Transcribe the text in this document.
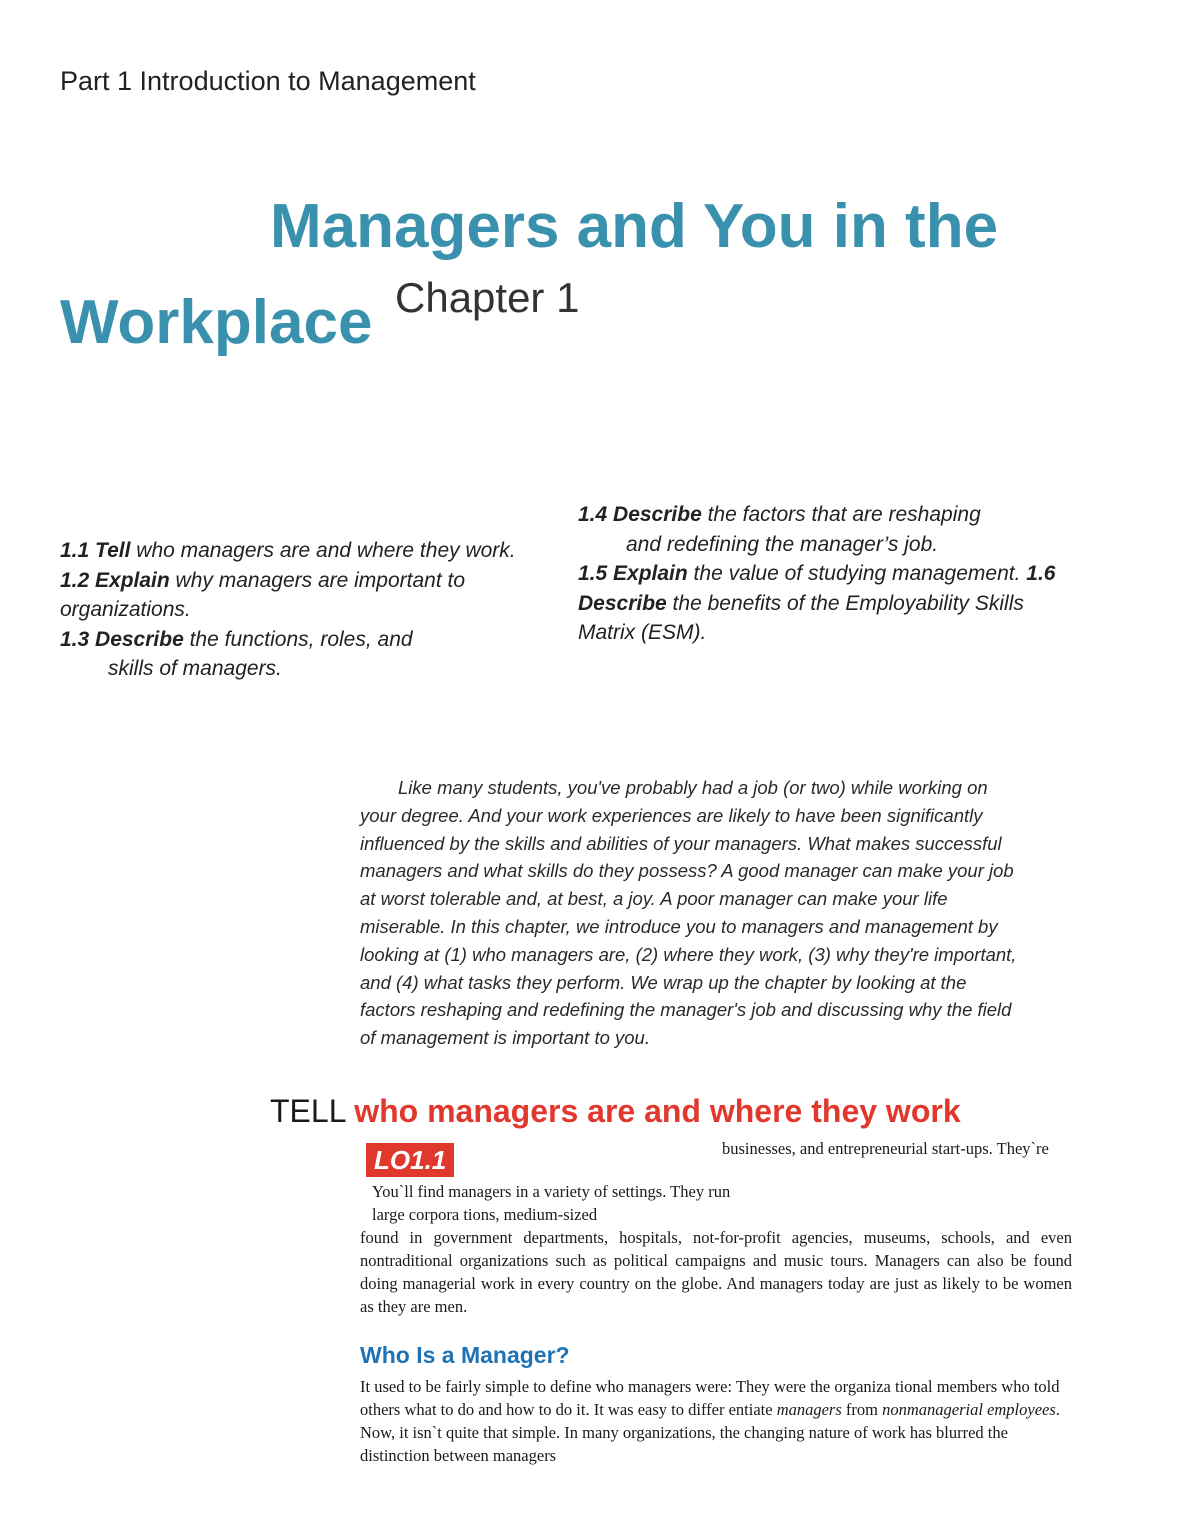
Part 1 Introduction to Management
Managers and You in the
Workplace Chapter 1
1.1 Tell who managers are and where they work. 1.2 Explain why managers are important to organizations.
1.3 Describe the functions, roles, and
skills of managers.
1.4 Describe the factors that are reshaping
and redefining the manager’s job.
1.5 Explain the value of studying management. 1.6 Describe the benefits of the Employability Skills Matrix (ESM).
Like many students, you've probably had a job (or two) while working on
your degree. And your work experiences are likely to have been significantly
influenced by the skills and abilities of your managers. What makes successful
managers and what skills do they possess? A good manager can make your job
at worst tolerable and, at best, a joy. A poor manager can make your life
miserable. In this chapter, we introduce you to managers and management by
looking at (1) who managers are, (2) where they work, (3) why they're important,
and (4) what tasks they perform. We wrap up the chapter by looking at the
factors reshaping and redefining the manager's job and discussing why the field
of management is important to you.
TELL who managers are and where they work
LO1.1	businesses, and entrepreneurial start-ups. They`re
You`ll find managers in a variety of settings. They run large corpora tions, medium-sized
found in government departments, hospitals, not-for-profit agencies, museums, schools, and even nontraditional organizations such as political campaigns and music tours. Managers can also be found doing managerial work in every country on the globe. And managers today are just as likely to be women as they are men.
Who Is a Manager?
It used to be fairly simple to define who managers were: They were the organiza tional members who told others what to do and how to do it. It was easy to differ entiate managers from nonmanagerial employees. Now, it isn`t quite that simple. In many organizations, the changing nature of work has blurred the distinction between managers
